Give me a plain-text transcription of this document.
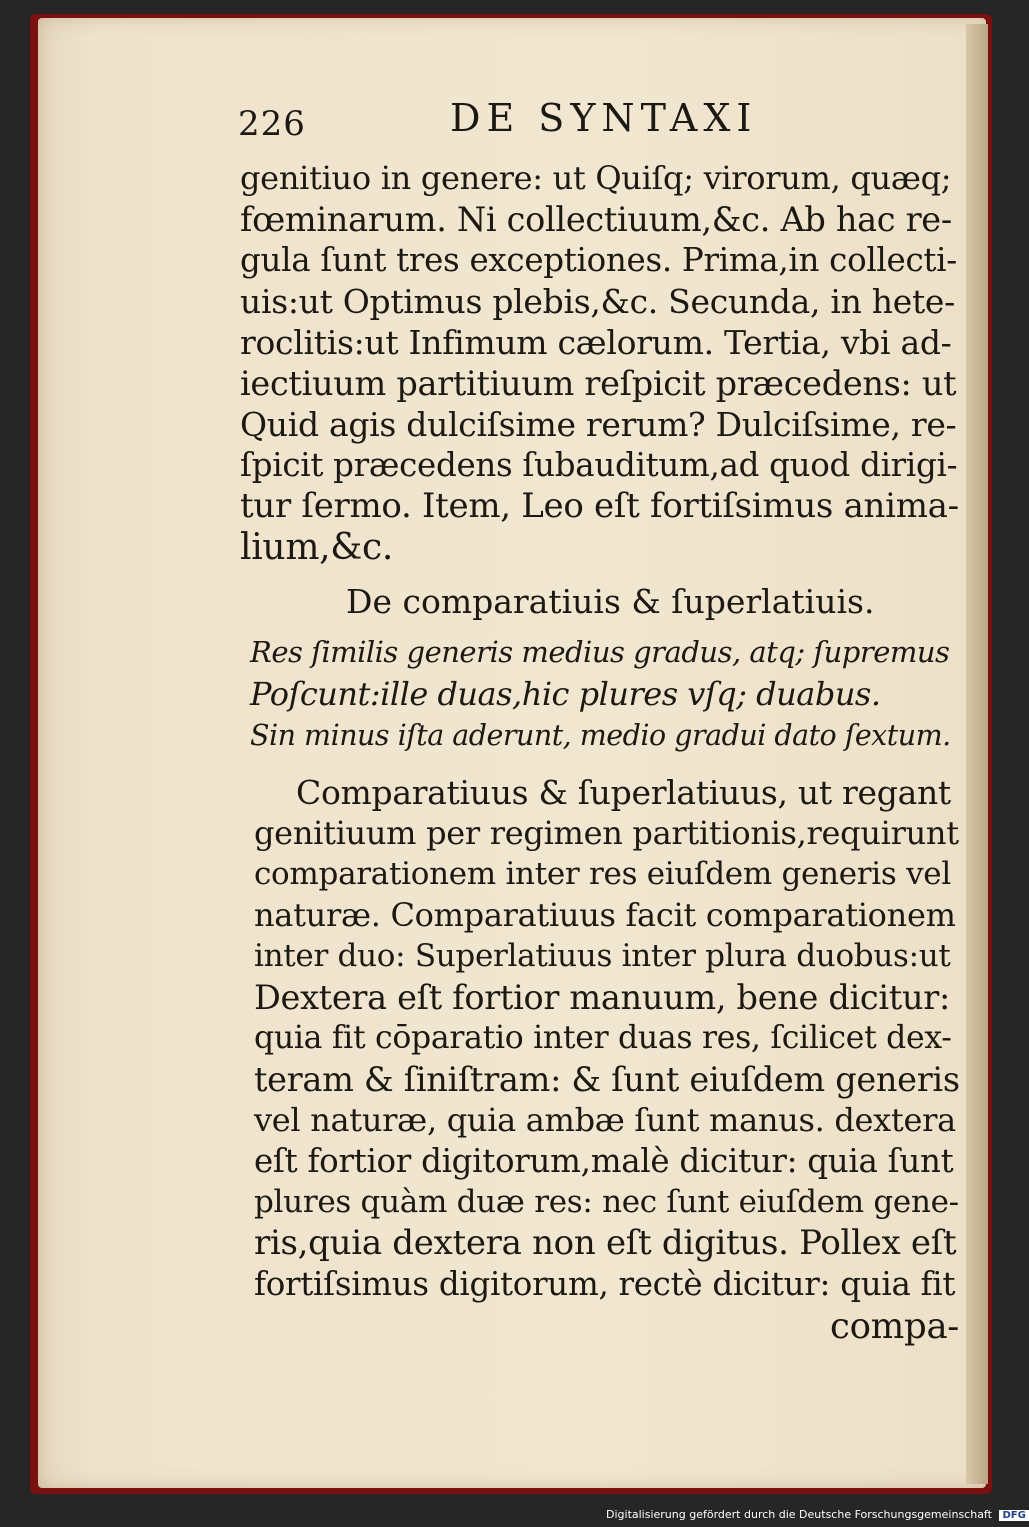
226	DE SYNTAXI
genitiuo in genere: ut Quiſq; virorum, quæq;
fœminarum. Ni collectiuum,&c. Ab hac re-
gula ſunt tres exceptiones. Prima,in collecti-
uis:ut Optimus plebis,&c. Secunda, in hete-
roclitis:ut Infimum cælorum. Tertia, vbi ad-
iectiuum partitiuum reſpicit præcedens: ut
Quid agis dulciſsime rerum? Dulciſsime, re-
ſpicit præcedens ſubauditum,ad quod dirigi-
tur ſermo. Item, Leo eſt fortiſsimus anima-
lium,&c.
De comparatiuis & ſuperlatiuis.
Res ſimilis generis medius gradus, atq; ſupremus
Poſcunt:ille duas,hic plures vſq; duabus.
Sin minus iſta aderunt, medio gradui dato ſextum.
Comparatiuus & ſuperlatiuus, ut regant
genitiuum per regimen partitionis,requirunt
comparationem inter res eiuſdem generis vel
naturæ. Comparatiuus facit comparationem
inter duo: Superlatiuus inter plura duobus:ut
Dextera eſt fortior manuum, bene dicitur:
quia fit cōparatio inter duas res, ſcilicet dex-
teram & ſiniſtram: & ſunt eiuſdem generis
vel naturæ, quia ambæ ſunt manus. dextera
eſt fortior digitorum,malè dicitur: quia ſunt
plures quàm duæ res: nec ſunt eiuſdem gene-
ris,quia dextera non eſt digitus. Pollex eſt
fortiſsimus digitorum, rectè dicitur: quia fit
compa-
Digitalisierung gefördert durch die Deutsche Forschungsgemeinschaft DFG
